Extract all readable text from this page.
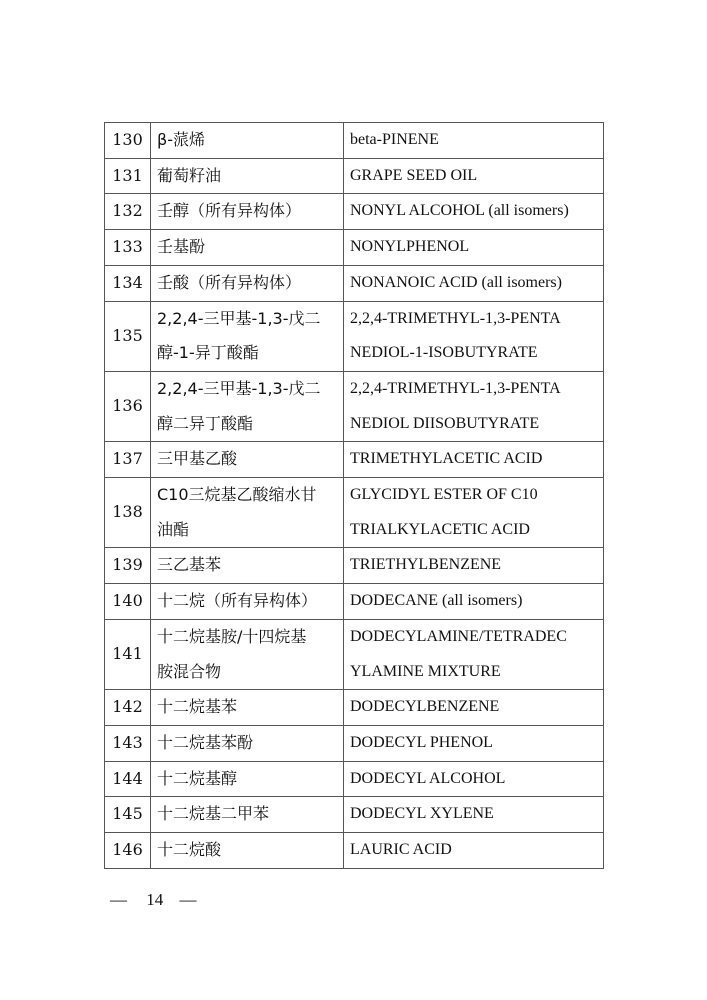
130	β-蒎烯	beta-PINENE

131	葡萄籽油	GRAPE SEED OIL

132	壬醇（所有异构体）	NONYL ALCOHOL (all isomers)

133	壬基酚	NONYLPHENOL

134	壬酸（所有异构体）	NONANOIC ACID (all isomers)

135	2,2,4-三甲基-1,3-戊二
醇-1-异丁酸酯	2,2,4-TRIMETHYL-1,3-PENTA
NEDIOL-1-ISOBUTYRATE

136	2,2,4-三甲基-1,3-戊二
醇二异丁酸酯	2,2,4-TRIMETHYL-1,3-PENTA
NEDIOL DIISOBUTYRATE

137	三甲基乙酸	TRIMETHYLACETIC ACID

138	C10三烷基乙酸缩水甘
油酯	GLYCIDYL ESTER OF C10
TRIALKYLACETIC ACID

139	三乙基苯	TRIETHYLBENZENE

140	十二烷（所有异构体）	DODECANE (all isomers)

141	十二烷基胺/十四烷基
胺混合物	DODECYLAMINE/TETRADEC
YLAMINE MIXTURE

142	十二烷基苯	DODECYLBENZENE

143	十二烷基苯酚	DODECYL PHENOL

144	十二烷基醇	DODECYL ALCOHOL

145	十二烷基二甲苯	DODECYL XYLENE

146	十二烷酸	LAURIC ACID
— 14 —
